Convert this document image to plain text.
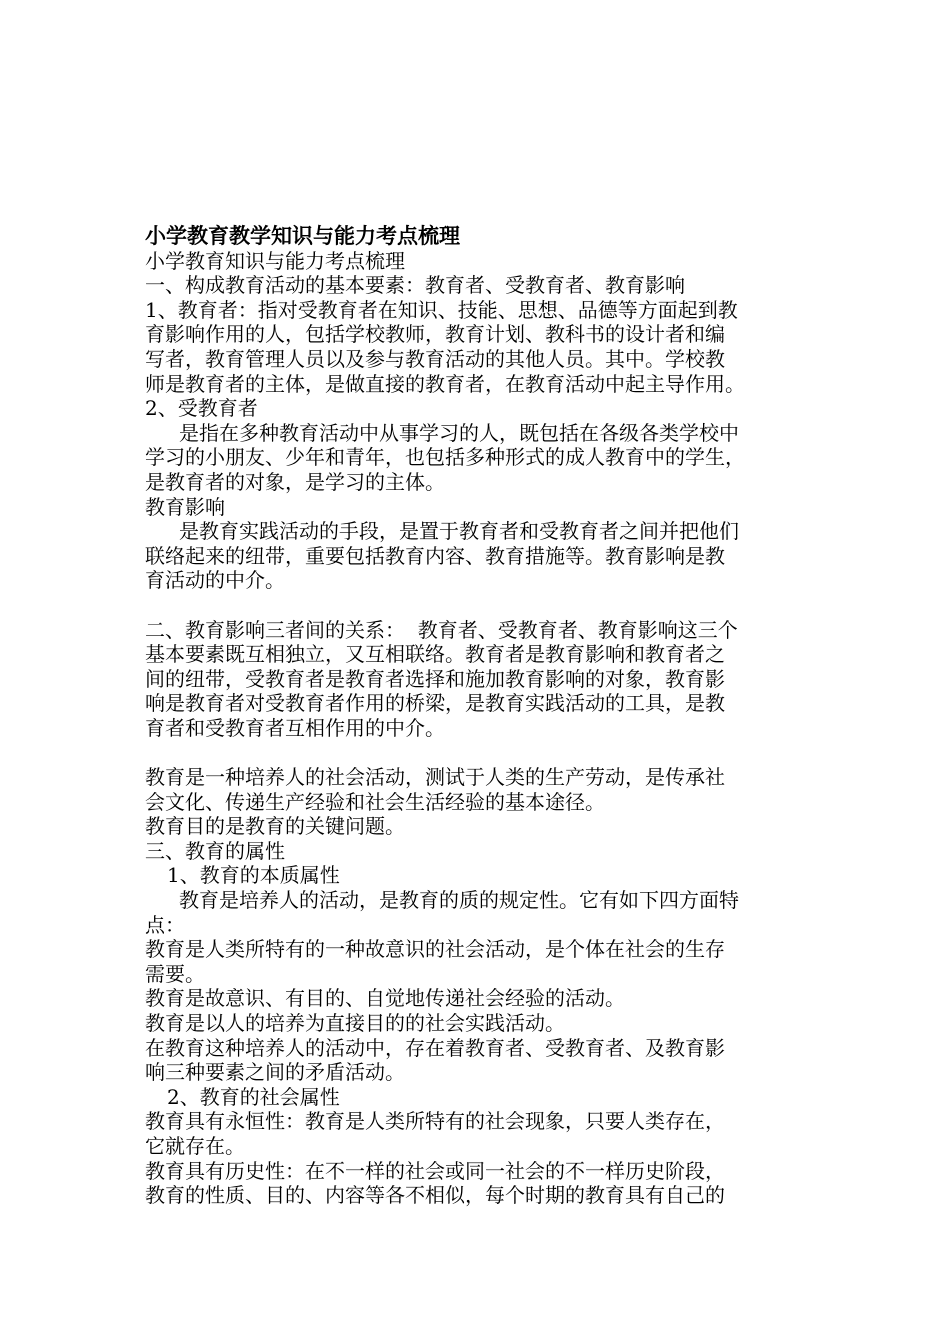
小学教育教学知识与能力考点梳理
小学教育知识与能力考点梳理
一、构成教育活动的基本要素：教育者、受教育者、教育影响
1、教育者：指对受教育者在知识、技能、思想、品德等方面起到教
育影响作用的人，包括学校教师，教育计划、教科书的设计者和编
写者，教育管理人员以及参与教育活动的其他人员。其中。学校教
师是教育者的主体，是做直接的教育者，在教育活动中起主导作用。
2、受教育者
是指在多种教育活动中从事学习的人，既包括在各级各类学校中
学习的小朋友、少年和青年，也包括多种形式的成人教育中的学生，
是教育者的对象，是学习的主体。
教育影响
是教育实践活动的手段，是置于教育者和受教育者之间并把他们
联络起来的纽带，重要包括教育内容、教育措施等。教育影响是教
育活动的中介。
二、教育影响三者间的关系：  教育者、受教育者、教育影响这三个
基本要素既互相独立，又互相联络。教育者是教育影响和教育者之
间的纽带，受教育者是教育者选择和施加教育影响的对象，教育影
响是教育者对受教育者作用的桥梁，是教育实践活动的工具，是教
育者和受教育者互相作用的中介。
教育是一种培养人的社会活动，测试于人类的生产劳动，是传承社
会文化、传递生产经验和社会生活经验的基本途径。
教育目的是教育的关键问题。
三、教育的属性
1、教育的本质属性
教育是培养人的活动，是教育的质的规定性。它有如下四方面特
点：
教育是人类所特有的一种故意识的社会活动，是个体在社会的生存
需要。
教育是故意识、有目的、自觉地传递社会经验的活动。
教育是以人的培养为直接目的的社会实践活动。
在教育这种培养人的活动中，存在着教育者、受教育者、及教育影
响三种要素之间的矛盾活动。
2、教育的社会属性
教育具有永恒性：教育是人类所特有的社会现象，只要人类存在，
它就存在。
教育具有历史性：在不一样的社会或同一社会的不一样历史阶段，
教育的性质、目的、内容等各不相似，每个时期的教育具有自己的
